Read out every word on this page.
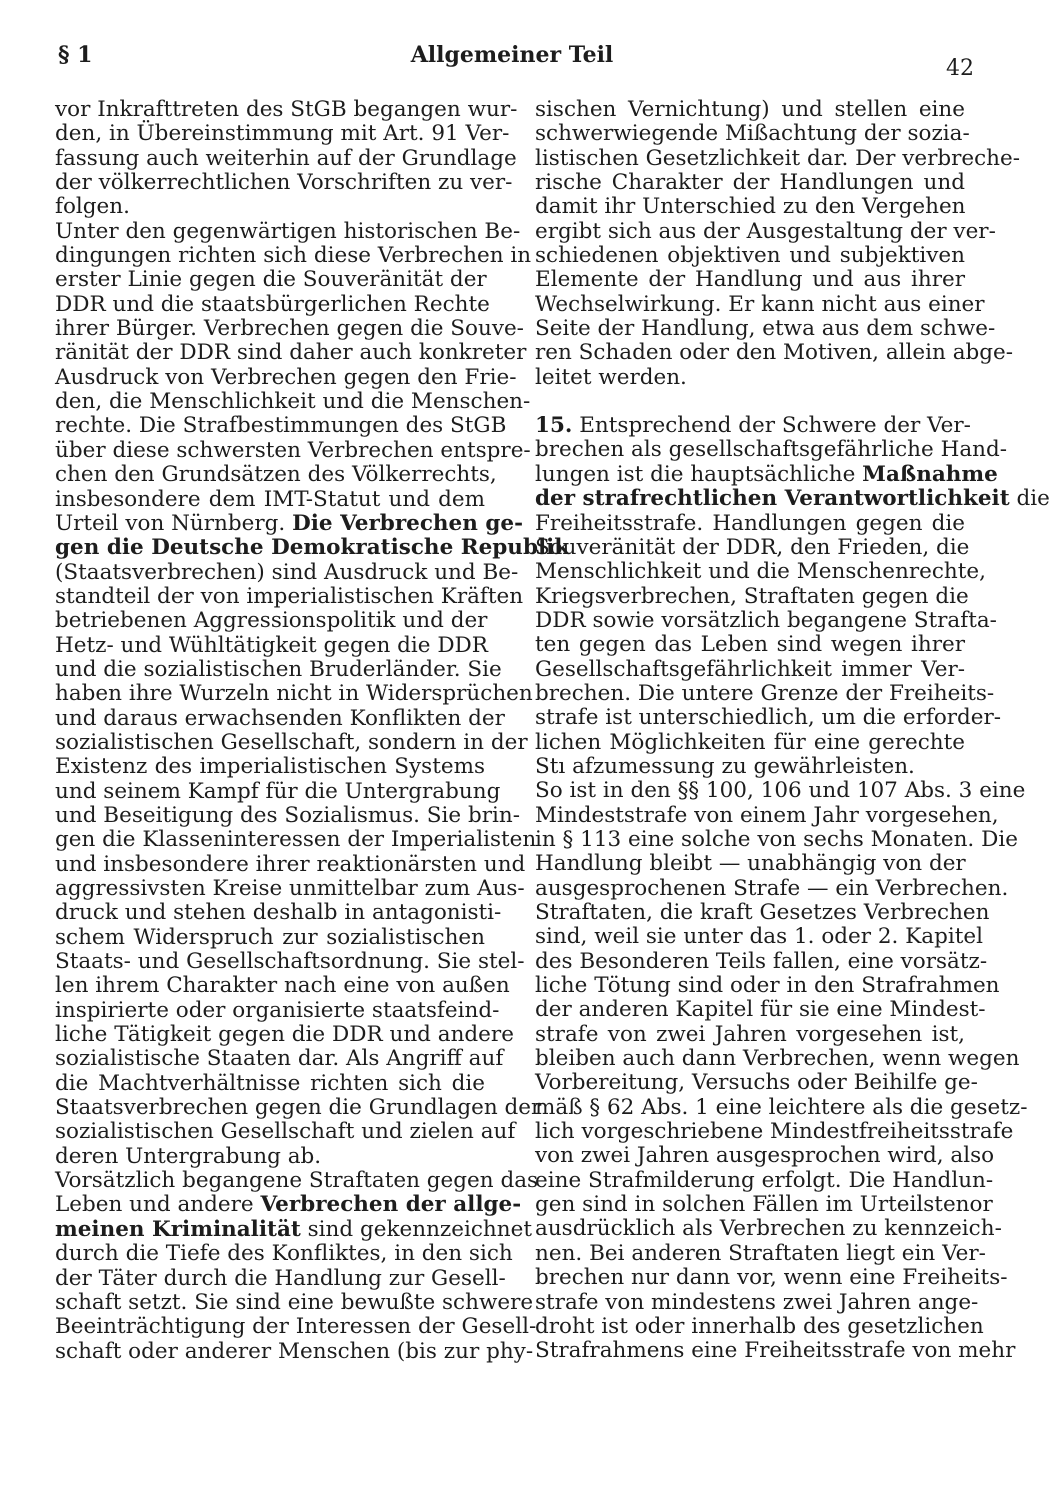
§ 1	Allgemeiner Teil
42
vor Inkrafttreten des StGB begangen wur-
den, in Übereinstimmung mit Art. 91 Ver-
fassung auch weiterhin auf der Grundlage
der völkerrechtlichen Vorschriften zu ver-
folgen.
Unter den gegenwärtigen historischen Be-
dingungen richten sich diese Verbrechen in
erster Linie gegen die Souveränität der
DDR und die staatsbürgerlichen Rechte
ihrer Bürger. Verbrechen gegen die Souve-
ränität der DDR sind daher auch konkreter
Ausdruck von Verbrechen gegen den Frie-
den, die Menschlichkeit und die Menschen-
rechte. Die Strafbestimmungen des StGB
über diese schwersten Verbrechen entspre-
chen den Grundsätzen des Völkerrechts,
insbesondere dem IMT-Statut und dem
Urteil von Nürnberg. Die Verbrechen ge-
gen die Deutsche Demokratische Republik
(Staatsverbrechen) sind Ausdruck und Be-
standteil der von imperialistischen Kräften
betriebenen Aggressionspolitik und der
Hetz- und Wühltätigkeit gegen die DDR
und die sozialistischen Bruderländer. Sie
haben ihre Wurzeln nicht in Widersprüchen
und daraus erwachsenden Konflikten der
sozialistischen Gesellschaft, sondern in der
Existenz des imperialistischen Systems
und seinem Kampf für die Untergrabung
und Beseitigung des Sozialismus. Sie brin-
gen die Klasseninteressen der Imperialisten
und insbesondere ihrer reaktionärsten und
aggressivsten Kreise unmittelbar zum Aus-
druck und stehen deshalb in antagonisti-
schem Widerspruch zur sozialistischen
Staats- und Gesellschaftsordnung. Sie stel-
len ihrem Charakter nach eine von außen
inspirierte oder organisierte staatsfeind-
liche Tätigkeit gegen die DDR und andere
sozialistische Staaten dar. Als Angriff auf
die Machtverhältnisse richten sich die
Staatsverbrechen gegen die Grundlagen der
sozialistischen Gesellschaft und zielen auf
deren Untergrabung ab.
Vorsätzlich begangene Straftaten gegen das
Leben und andere Verbrechen der allge-
meinen Kriminalität sind gekennzeichnet
durch die Tiefe des Konfliktes, in den sich
der Täter durch die Handlung zur Gesell-
schaft setzt. Sie sind eine bewußte schwere
Beeinträchtigung der Interessen der Gesell-
schaft oder anderer Menschen (bis zur phy-
sischen Vernichtung) und stellen eine
schwerwiegende Mißachtung der sozia-
listischen Gesetzlichkeit dar. Der verbreche-
rische Charakter der Handlungen und
damit ihr Unterschied zu den Vergehen
ergibt sich aus der Ausgestaltung der ver-
schiedenen objektiven und subjektiven
Elemente der Handlung und aus ihrer
Wechselwirkung. Er kann nicht aus einer
Seite der Handlung, etwa aus dem schwe-
ren Schaden oder den Motiven, allein abge-
leitet werden.
15. Entsprechend der Schwere der Ver-
brechen als gesellschaftsgefährliche Hand-
lungen ist die hauptsächliche Maßnahme
der strafrechtlichen Verantwortlichkeit die
Freiheitsstrafe. Handlungen gegen die
Souveränität der DDR, den Frieden, die
Menschlichkeit und die Menschenrechte,
Kriegsverbrechen, Straftaten gegen die
DDR sowie vorsätzlich begangene Strafta-
ten gegen das Leben sind wegen ihrer
Gesellschaftsgefährlichkeit immer Ver-
brechen. Die untere Grenze der Freiheits-
strafe ist unterschiedlich, um die erforder-
lichen Möglichkeiten für eine gerechte
Stı afzumessung zu gewährleisten.
So ist in den §§ 100, 106 und 107 Abs. 3 eine
Mindeststrafe von einem Jahr vorgesehen,
in § 113 eine solche von sechs Monaten. Die
Handlung bleibt — unabhängig von der
ausgesprochenen Strafe — ein Verbrechen.
Straftaten, die kraft Gesetzes Verbrechen
sind, weil sie unter das 1. oder 2. Kapitel
des Besonderen Teils fallen, eine vorsätz-
liche Tötung sind oder in den Strafrahmen
der anderen Kapitel für sie eine Mindest-
strafe von zwei Jahren vorgesehen ist,
bleiben auch dann Verbrechen, wenn wegen
Vorbereitung, Versuchs oder Beihilfe ge-
mäß § 62 Abs. 1 eine leichtere als die gesetz-
lich vorgeschriebene Mindestfreiheitsstrafe
von zwei Jahren ausgesprochen wird, also
eine Strafmilderung erfolgt. Die Handlun-
gen sind in solchen Fällen im Urteilstenor
ausdrücklich als Verbrechen zu kennzeich-
nen. Bei anderen Straftaten liegt ein Ver-
brechen nur dann vor, wenn eine Freiheits-
strafe von mindestens zwei Jahren ange-
droht ist oder innerhalb des gesetzlichen
Strafrahmens eine Freiheitsstrafe von mehr
